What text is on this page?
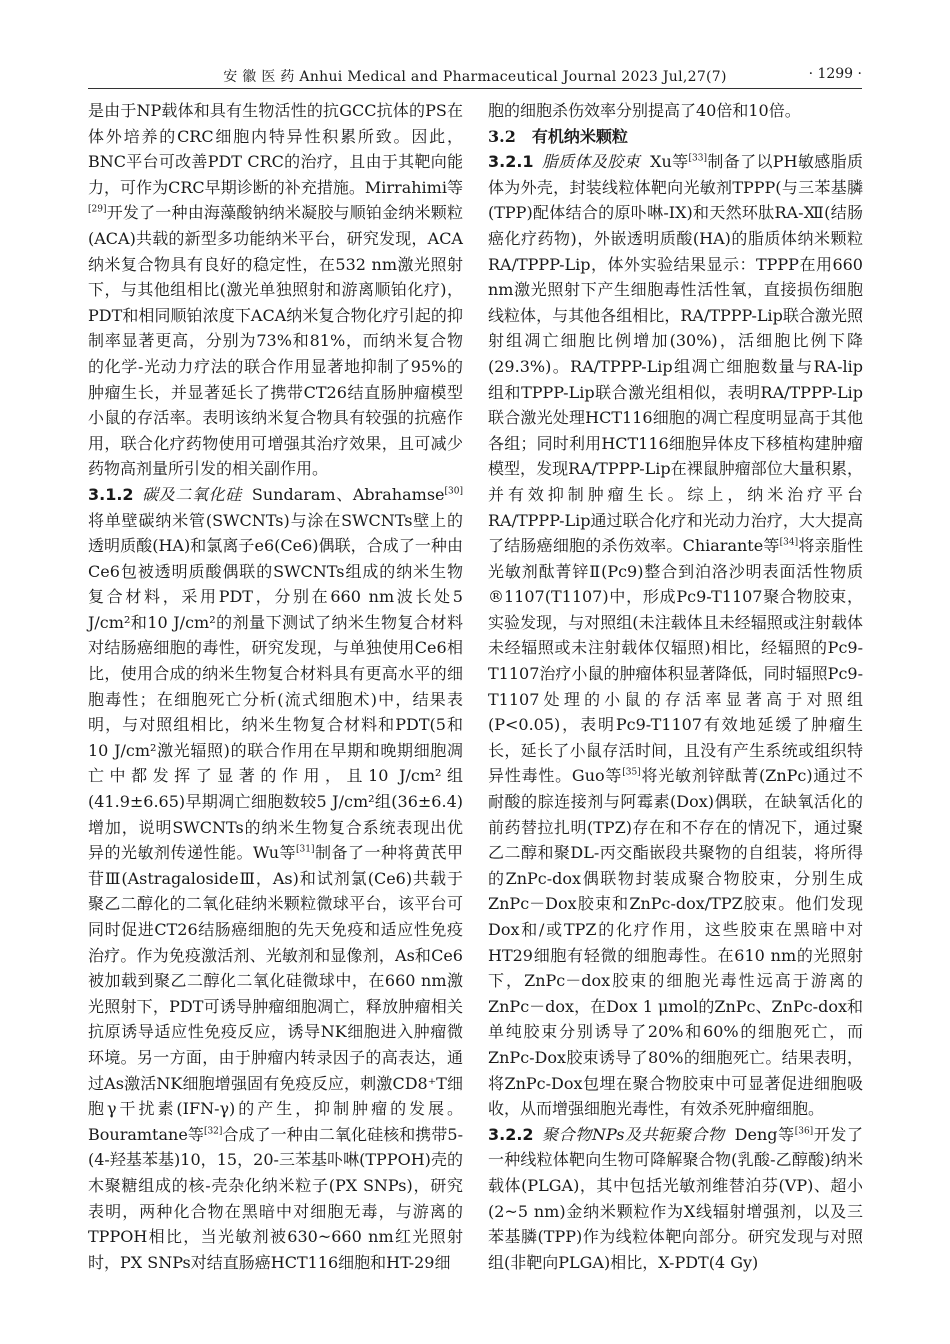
安 徽 医 药 Anhui Medical and Pharmaceutical Journal 2023 Jul,27(7)	· 1299 ·

是由于NP载体和具有生物活性的抗GCC抗体的PS在体外培养的CRC细胞内特异性积累所致。因此，BNC平台可改善PDT CRC的治疗，且由于其靶向能力，可作为CRC早期诊断的补充措施。Mirrahimi等[29]开发了一种由海藻酸钠纳米凝胶与顺铂金纳米颗粒(ACA)共载的新型多功能纳米平台，研究发现，ACA纳米复合物具有良好的稳定性，在532 nm激光照射下，与其他组相比(激光单独照射和游离顺铂化疗)，PDT和相同顺铂浓度下ACA纳米复合物化疗引起的抑制率显著更高，分别为73%和81%，而纳米复合物的化学-光动力疗法的联合作用显著地抑制了95%的肿瘤生长，并显著延长了携带CT26结直肠肿瘤模型小鼠的存活率。表明该纳米复合物具有较强的抗癌作用，联合化疗药物使用可增强其治疗效果，且可减少药物高剂量所引发的相关副作用。

3.1.2 碳及二氧化硅 Sundaram、Abrahamse[30]将单壁碳纳米管(SWCNTs)与涂在SWCNTs壁上的透明质酸(HA)和氯离子e6(Ce6)偶联，合成了一种由Ce6包被透明质酸偶联的SWCNTs组成的纳米生物复合材料，采用PDT，分别在660 nm波长处5 J/cm²和10 J/cm²的剂量下测试了纳米生物复合材料对结肠癌细胞的毒性，研究发现，与单独使用Ce6相比，使用合成的纳米生物复合材料具有更高水平的细胞毒性；在细胞死亡分析(流式细胞术)中，结果表明，与对照组相比，纳米生物复合材料和PDT(5和10 J/cm²激光辐照)的联合作用在早期和晚期细胞凋亡中都发挥了显著的作用，且10 J/cm²组(41.9±6.65)早期凋亡细胞数较5 J/cm²组(36±6.4)增加，说明SWCNTs的纳米生物复合系统表现出优异的光敏剂传递性能。Wu等[31]制备了一种将黄芪甲苷Ⅲ(AstragalosideⅢ，As)和试剂氯(Ce6)共载于聚乙二醇化的二氧化硅纳米颗粒微球平台，该平台可同时促进CT26结肠癌细胞的先天免疫和适应性免疫治疗。作为免疫激活剂、光敏剂和显像剂，As和Ce6被加载到聚乙二醇化二氧化硅微球中，在660 nm激光照射下，PDT可诱导肿瘤细胞凋亡，释放肿瘤相关抗原诱导适应性免疫反应，诱导NK细胞进入肿瘤微环境。另一方面，由于肿瘤内转录因子的高表达，通过As激活NK细胞增强固有免疫反应，刺激CD8⁺T细胞γ干扰素(IFN-γ)的产生，抑制肿瘤的发展。Bouramtane等[32]合成了一种由二氧化硅核和携带5-(4-羟基苯基)10，15，20-三苯基卟啉(TPPOH)壳的木聚糖组成的核-壳杂化纳米粒子(PX SNPs)，研究表明，两种化合物在黑暗中对细胞无毒，与游离的TPPOH相比，当光敏剂被630~660 nm红光照射时，PX SNPs对结直肠癌HCT116细胞和HT-29细

胞的细胞杀伤效率分别提高了40倍和10倍。

3.2　有机纳米颗粒

3.2.1 脂质体及胶束 Xu等[33]制备了以PH敏感脂质体为外壳，封装线粒体靶向光敏剂TPPP(与三苯基膦(TPP)配体结合的原卟啉-IX)和天然环肽RA-Ⅻ(结肠癌化疗药物)，外嵌透明质酸(HA)的脂质体纳米颗粒RA/TPPP-Lip，体外实验结果显示：TPPP在用660 nm激光照射下产生细胞毒性活性氧，直接损伤细胞线粒体，与其他各组相比，RA/TPPP-Lip联合激光照射组凋亡细胞比例增加(30%)，活细胞比例下降(29.3%)。RA/TPPP-Lip组凋亡细胞数量与RA-lip组和TPPP-Lip联合激光组相似，表明RA/TPPP-Lip联合激光处理HCT116细胞的凋亡程度明显高于其他各组；同时利用HCT116细胞异体皮下移植构建肿瘤模型，发现RA/TPPP-Lip在裸鼠肿瘤部位大量积累，并有效抑制肿瘤生长。综上，纳米治疗平台RA/TPPP-Lip通过联合化疗和光动力治疗，大大提高了结肠癌细胞的杀伤效率。Chiarante等[34]将亲脂性光敏剂酞菁锌Ⅱ(Pc9)整合到泊洛沙明表面活性物质®1107(T1107)中，形成Pc9-T1107聚合物胶束，实验发现，与对照组(未注载体且未经辐照或注射载体未经辐照或未注射载体仅辐照)相比，经辐照的Pc9-T1107治疗小鼠的肿瘤体积显著降低，同时辐照Pc9-T1107处理的小鼠的存活率显著高于对照组(P<0.05)，表明Pc9-T1107有效地延缓了肿瘤生长，延长了小鼠存活时间，且没有产生系统或组织特异性毒性。Guo等[35]将光敏剂锌酞菁(ZnPc)通过不耐酸的腙连接剂与阿霉素(Dox)偶联，在缺氧活化的前药替拉扎明(TPZ)存在和不存在的情况下，通过聚乙二醇和聚DL-丙交酯嵌段共聚物的自组装，将所得的ZnPc-dox偶联物封装成聚合物胶束，分别生成ZnPc－Dox胶束和ZnPc-dox/TPZ胶束。他们发现Dox和/或TPZ的化疗作用，这些胶束在黑暗中对HT29细胞有轻微的细胞毒性。在610 nm的光照射下，ZnPc－dox胶束的细胞光毒性远高于游离的ZnPc－dox，在Dox 1 μmol的ZnPc、ZnPc-dox和单纯胶束分别诱导了20%和60%的细胞死亡，而ZnPc-Dox胶束诱导了80%的细胞死亡。结果表明，将ZnPc-Dox包埋在聚合物胶束中可显著促进细胞吸收，从而增强细胞光毒性，有效杀死肿瘤细胞。

3.2.2 聚合物NPs及共轭聚合物 Deng等[36]开发了一种线粒体靶向生物可降解聚合物(乳酸-乙醇酸)纳米载体(PLGA)，其中包括光敏剂维替泊芬(VP)、超小(2~5 nm)金纳米颗粒作为X线辐射增强剂，以及三苯基膦(TPP)作为线粒体靶向部分。研究发现与对照组(非靶向PLGA)相比，X-PDT(4 Gy)
